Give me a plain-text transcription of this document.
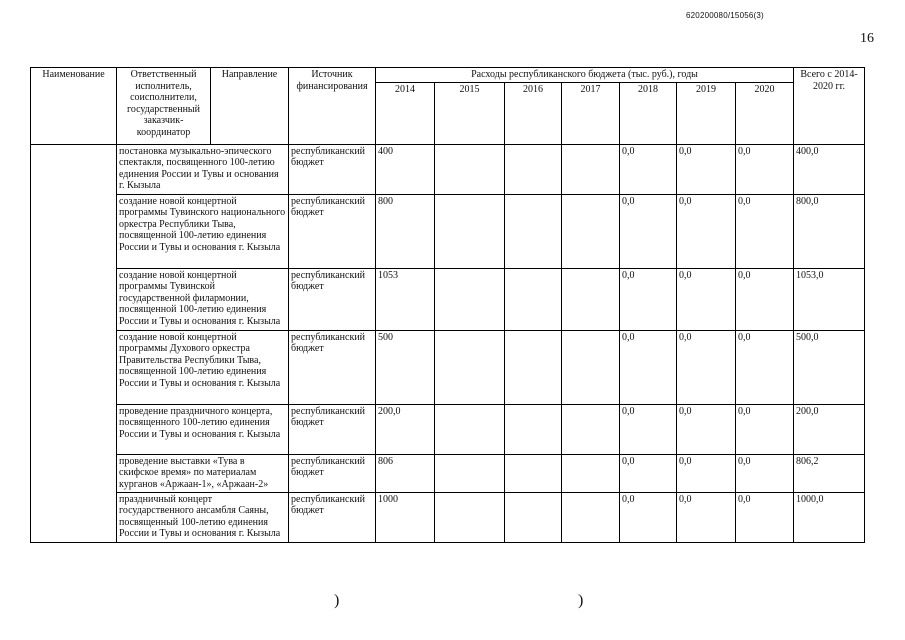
620200080/15056(3)
16
Наименование	Ответственный исполнитель, соисполнители, государственный заказчик-координатор	Направление	Источник финансирования	Расходы республиканского бюджета (тыс. руб.), годы							Всего с 2014-2020 гг.
				2014	2015	2016	2017	2018	2019	2020	
	постановка музыкально-эпического спектакля, посвященного 100-летию единения России и Тувы и основания г. Кызыла		республиканский бюджет	400				0,0	0,0	0,0	400,0
	создание новой концертной программы Тувинского национального оркестра Республики Тыва, посвященной 100-летию единения России и Тувы и основания г. Кызыла		республиканский бюджет	800				0,0	0,0	0,0	800,0
	создание новой концертной программы Тувинской государственной филармонии, посвященной 100-летию единения России и Тувы и основания г. Кызыла		республиканский бюджет	1053				0,0	0,0	0,0	1053,0
	создание новой концертной программы Духового оркестра Правительства Республики Тыва, посвященной 100-летию единения России и Тувы и основания г. Кызыла		республиканский бюджет	500				0,0	0,0	0,0	500,0
	проведение праздничного концерта, посвященного 100-летию единения России и Тувы и основания г. Кызыла		республиканский бюджет	200,0				0,0	0,0	0,0	200,0
	проведение выставки «Тува в скифское время» по материалам курганов «Аржаан-1», «Аржаан-2»		республиканский бюджет	806				0,0	0,0	0,0	806,2
	праздничный концерт государственного ансамбля Саяны, посвященный 100-летию единения России и Тувы и основания г. Кызыла		республиканский бюджет	1000				0,0	0,0	0,0	1000,0
)	)
